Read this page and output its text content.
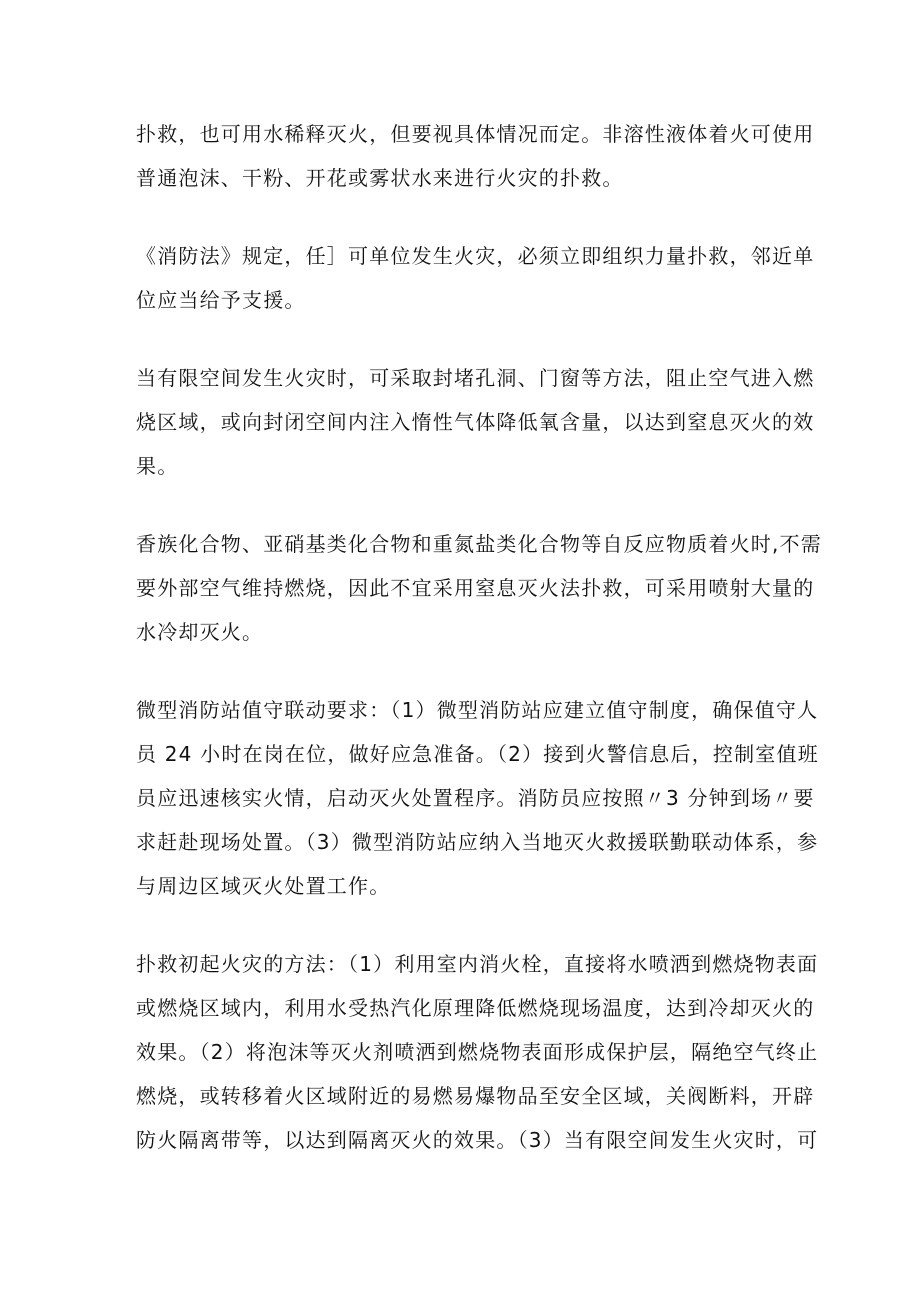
扑救，也可用水稀释灭火，但要视具体情况而定。非溶性液体着火可使用
普通泡沫、干粉、开花或雾状水来进行火灾的扑救。

《消防法》规定，任］可单位发生火灾，必须立即组织力量扑救，邻近单
位应当给予支援。

当有限空间发生火灾时，可采取封堵孔洞、门窗等方法，阻止空气进入燃
烧区域，或向封闭空间内注入惰性气体降低氧含量，以达到窒息灭火的效
果。

香族化合物、亚硝基类化合物和重氮盐类化合物等自反应物质着火时,不需
要外部空气维持燃烧，因此不宜采用窒息灭火法扑救，可采用喷射大量的
水冷却灭火。

微型消防站值守联动要求：（1）微型消防站应建立值守制度，确保值守人
员 24 小时在岗在位，做好应急准备。（2）接到火警信息后，控制室值班
员应迅速核实火情，启动灭火处置程序。消防员应按照〃3 分钟到场〃要
求赶赴现场处置。（3）微型消防站应纳入当地灭火救援联勤联动体系，参
与周边区域灭火处置工作。

扑救初起火灾的方法：（1）利用室内消火栓，直接将水喷洒到燃烧物表面
或燃烧区域内，利用水受热汽化原理降低燃烧现场温度，达到冷却灭火的
效果。（2）将泡沫等灭火剂喷洒到燃烧物表面形成保护层，隔绝空气终止
燃烧，或转移着火区域附近的易燃易爆物品至安全区域，关阀断料，开辟
防火隔离带等，以达到隔离灭火的效果。（3）当有限空间发生火灾时，可
